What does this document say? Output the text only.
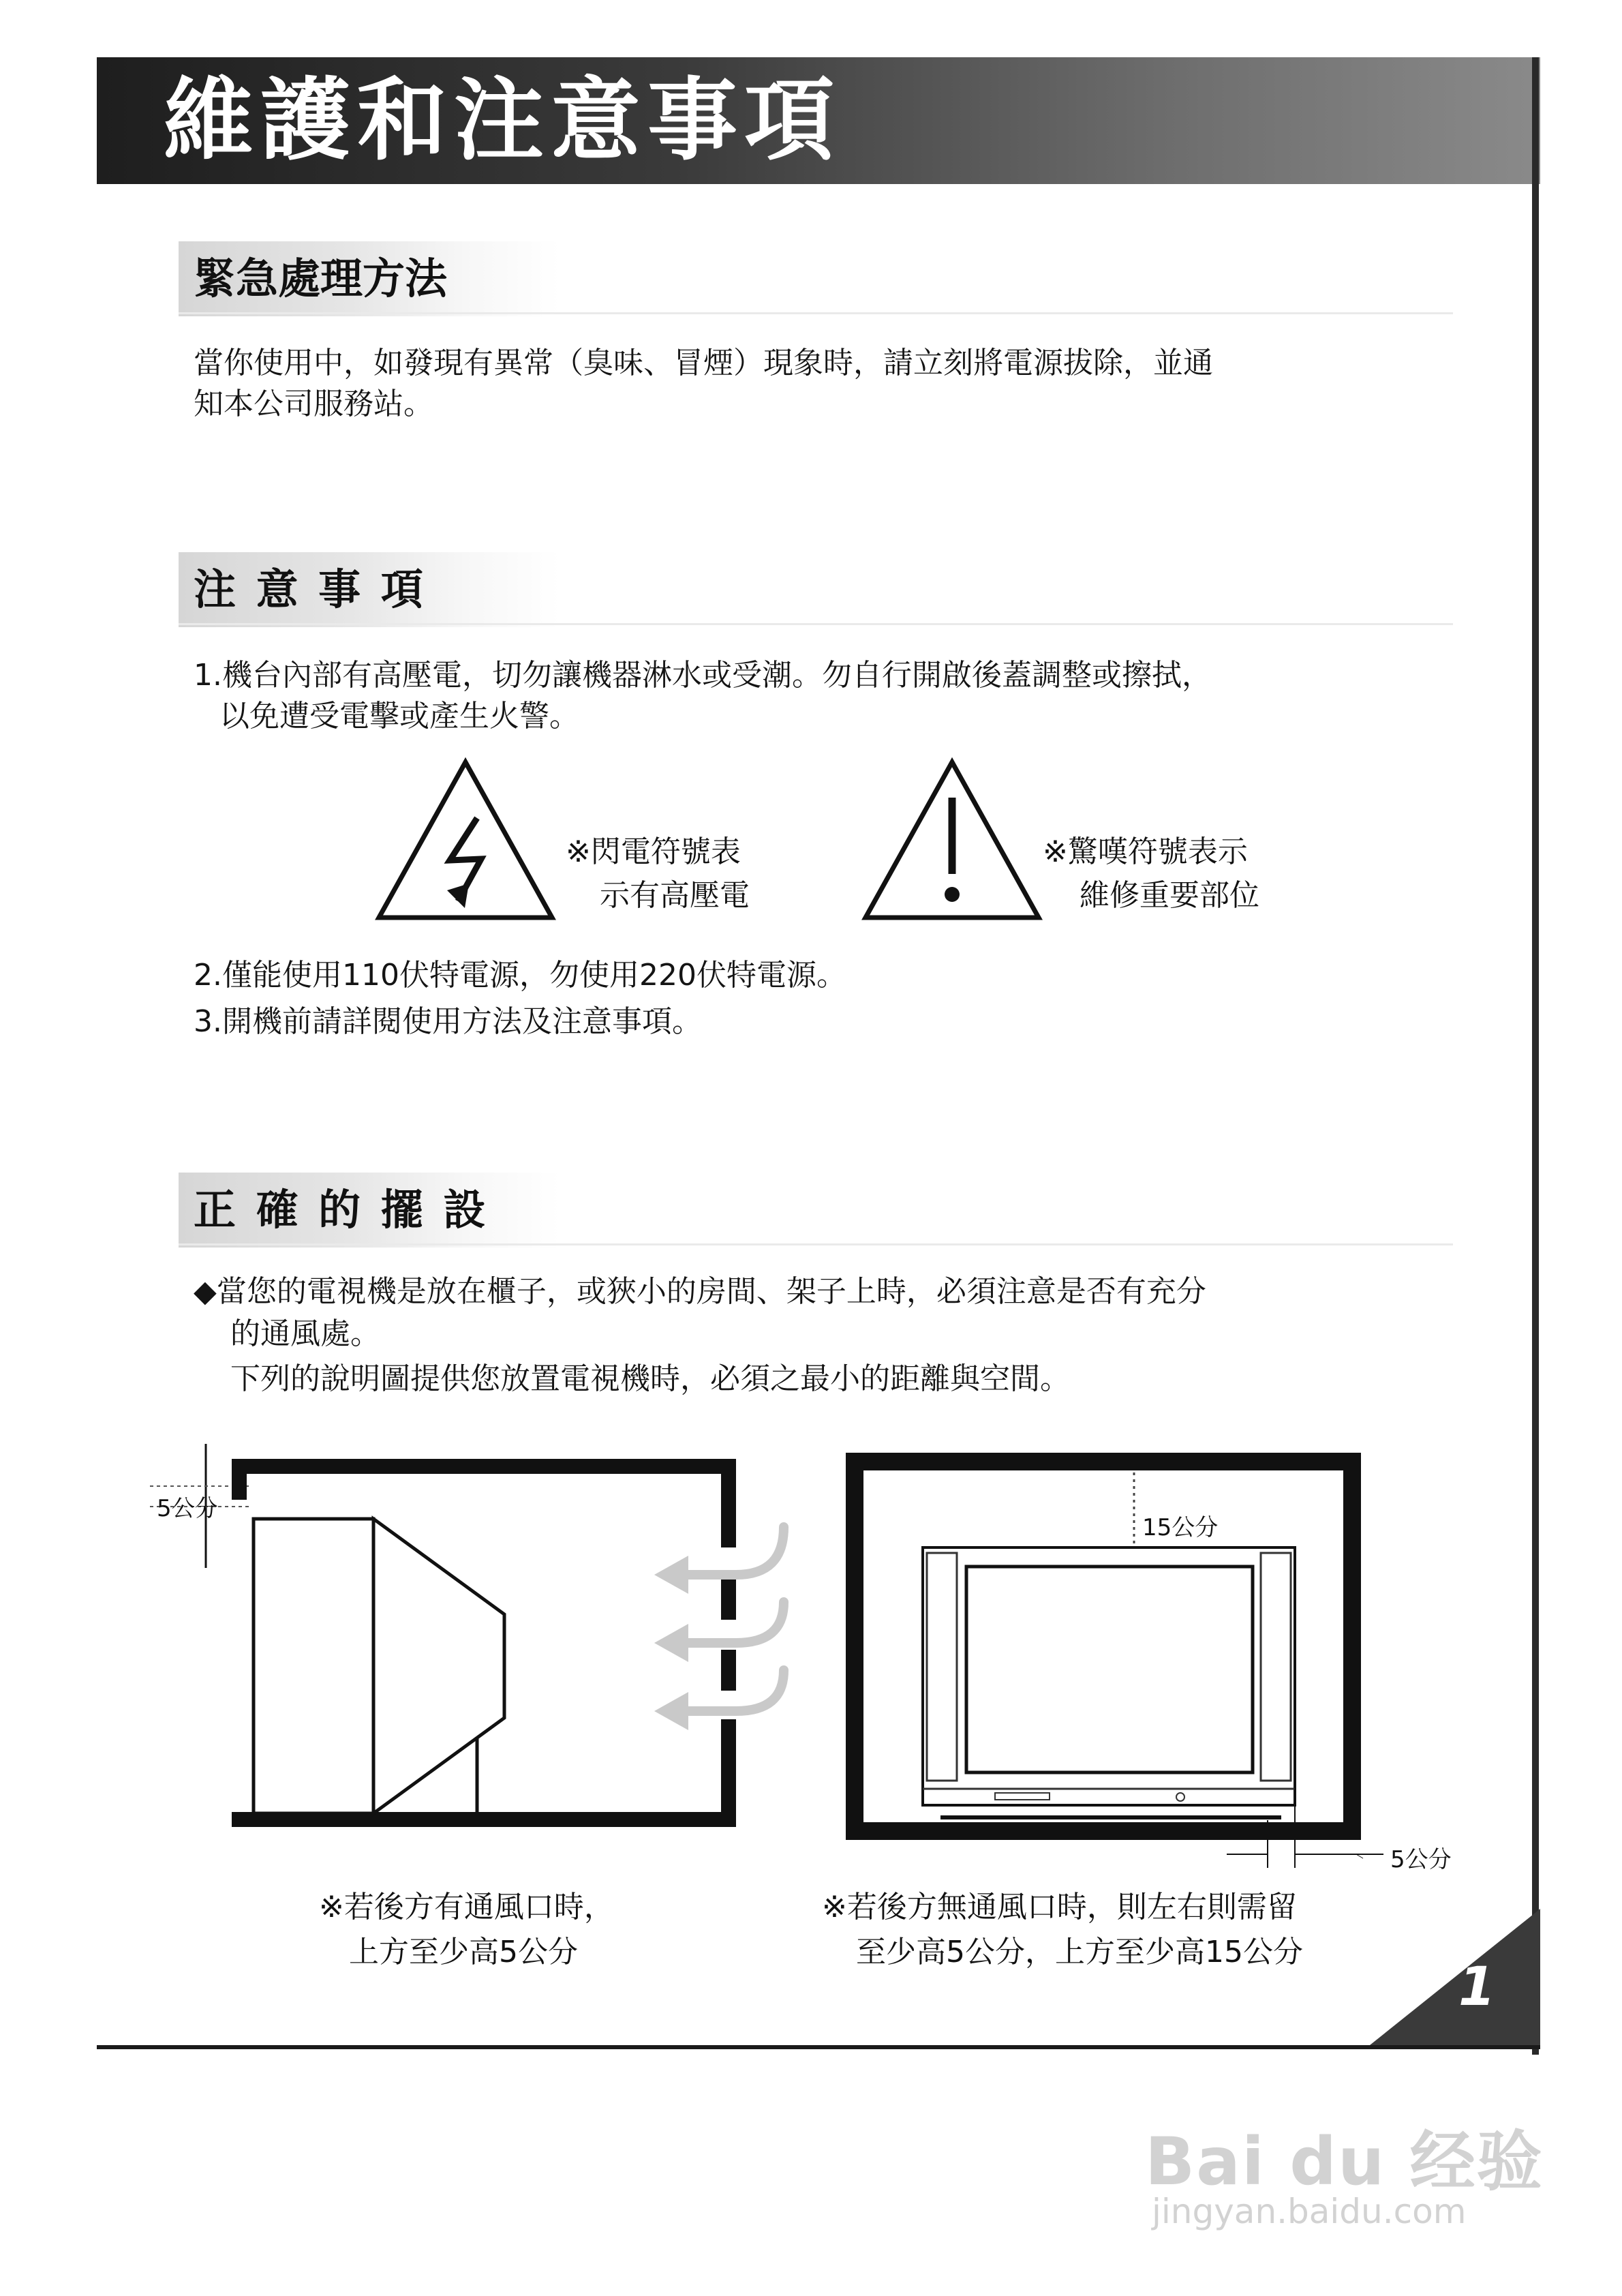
維護和注意事項
緊急處理方法
當你使用中，如發現有異常（臭味、冒煙）現象時，請立刻將電源拔除，並通
知本公司服務站。
注 意 事 項
1.機台內部有高壓電，切勿讓機器淋水或受潮。勿自行開啟後蓋調整或擦拭，
以免遭受電擊或產生火警。
※閃電符號表
示有高壓電
※驚嘆符號表示
維修重要部位
2.僅能使用110伏特電源，勿使用220伏特電源。
3.開機前請詳閱使用方法及注意事項。
正 確 的 擺 設
◆當您的電視機是放在櫃子，或狹小的房間、架子上時，必須注意是否有充分
的通風處。
下列的說明圖提供您放置電視機時，必須之最小的距離與空間。
5公分
※若後方有通風口時，
上方至少高5公分
15公分
5公分
※若後方無通風口時，則左右則需留
至少高5公分，上方至少高15公分
1
Bai du 经验
jingyan.baidu.com
